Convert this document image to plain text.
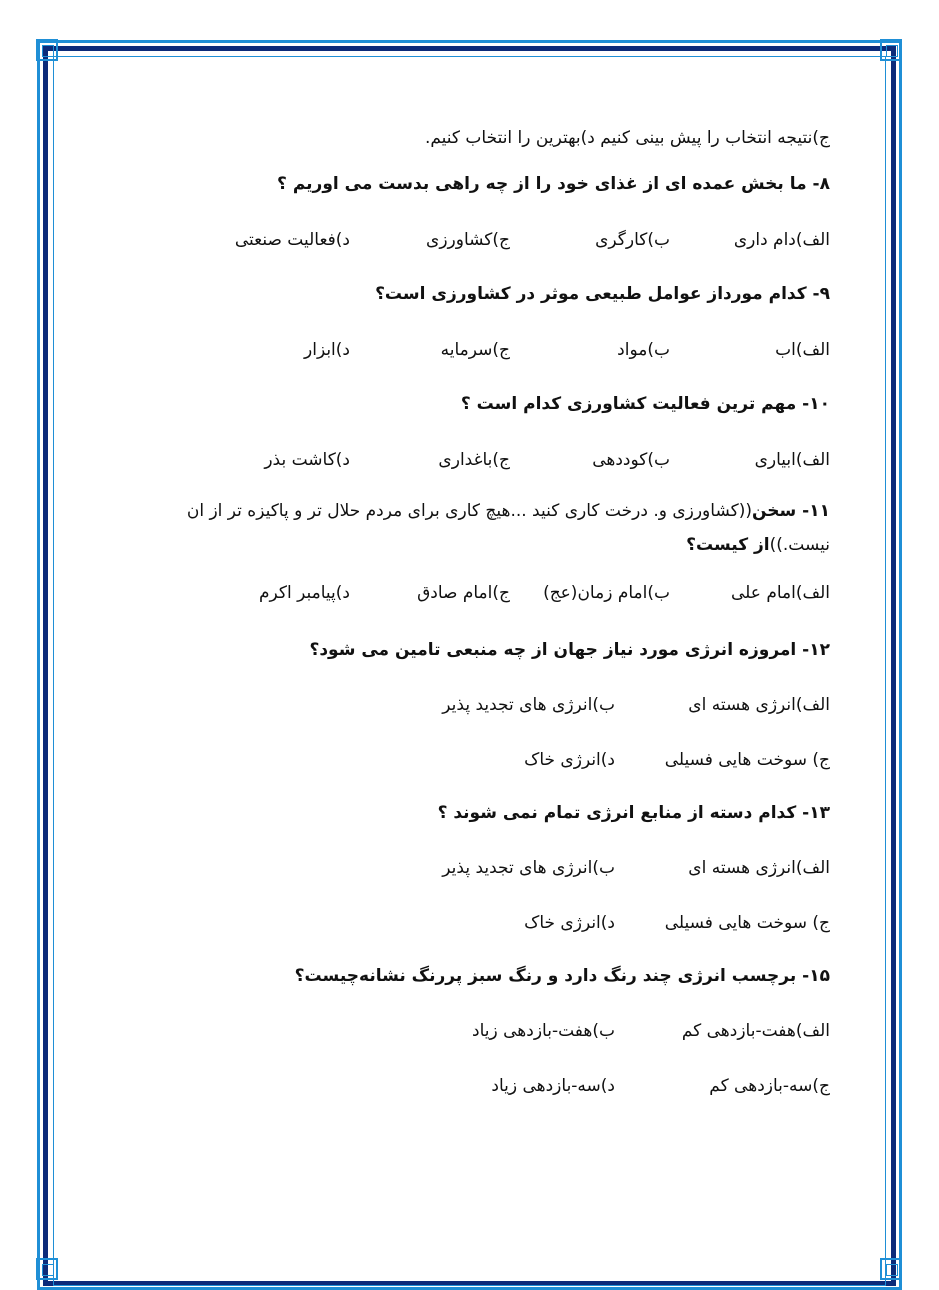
ج)نتیجه انتخاب را پیش بینی کنیم د)بهترین را انتخاب کنیم.

۸- ما بخش عمده ای از غذای خود را از چه راهی بدست می اوریم ؟

الف)دام داری
ب)کارگری
ج)کشاورزی
د)فعالیت صنعتی

۹- کدام مورداز عوامل طبیعی موثر در کشاورزی است؟

الف)اب
ب)مواد
ج)سرمایه
د)ابزار

۱۰- مهم ترین فعالیت کشاورزی کدام است ؟

الف)ابیاری
ب)کوددهی
ج)باغداری
د)کاشت بذر

۱۱- سخن((کشاورزی و. درخت کاری کنید ...هیچ کاری برای مردم حلال تر و پاکیزه تر از ان نیست.))از کیست؟

الف)امام علی
ب)امام زمان(عج)
ج)امام صادق
د)پیامبر اکرم

۱۲- امروزه انرژی مورد نیاز جهان از چه منبعی تامین می شود؟

الف)انرژی هسته ای
ب)انرژی های تجدید پذیر
ج) سوخت هایی فسیلی
د)انرژی خاک

۱۳- کدام دسته از منابع انرژی تمام نمی شوند ؟

الف)انرژی هسته ای
ب)انرژی های تجدید پذیر
ج) سوخت هایی فسیلی
د)انرژی خاک

۱۵- برچسب انرژی چند رنگ دارد و رنگ سبز پررنگ نشانه‌چیست؟

الف)هفت-بازدهی کم
ب)هفت-بازدهی زیاد
ج)سه-بازدهی کم
د)سه-بازدهی زیاد
